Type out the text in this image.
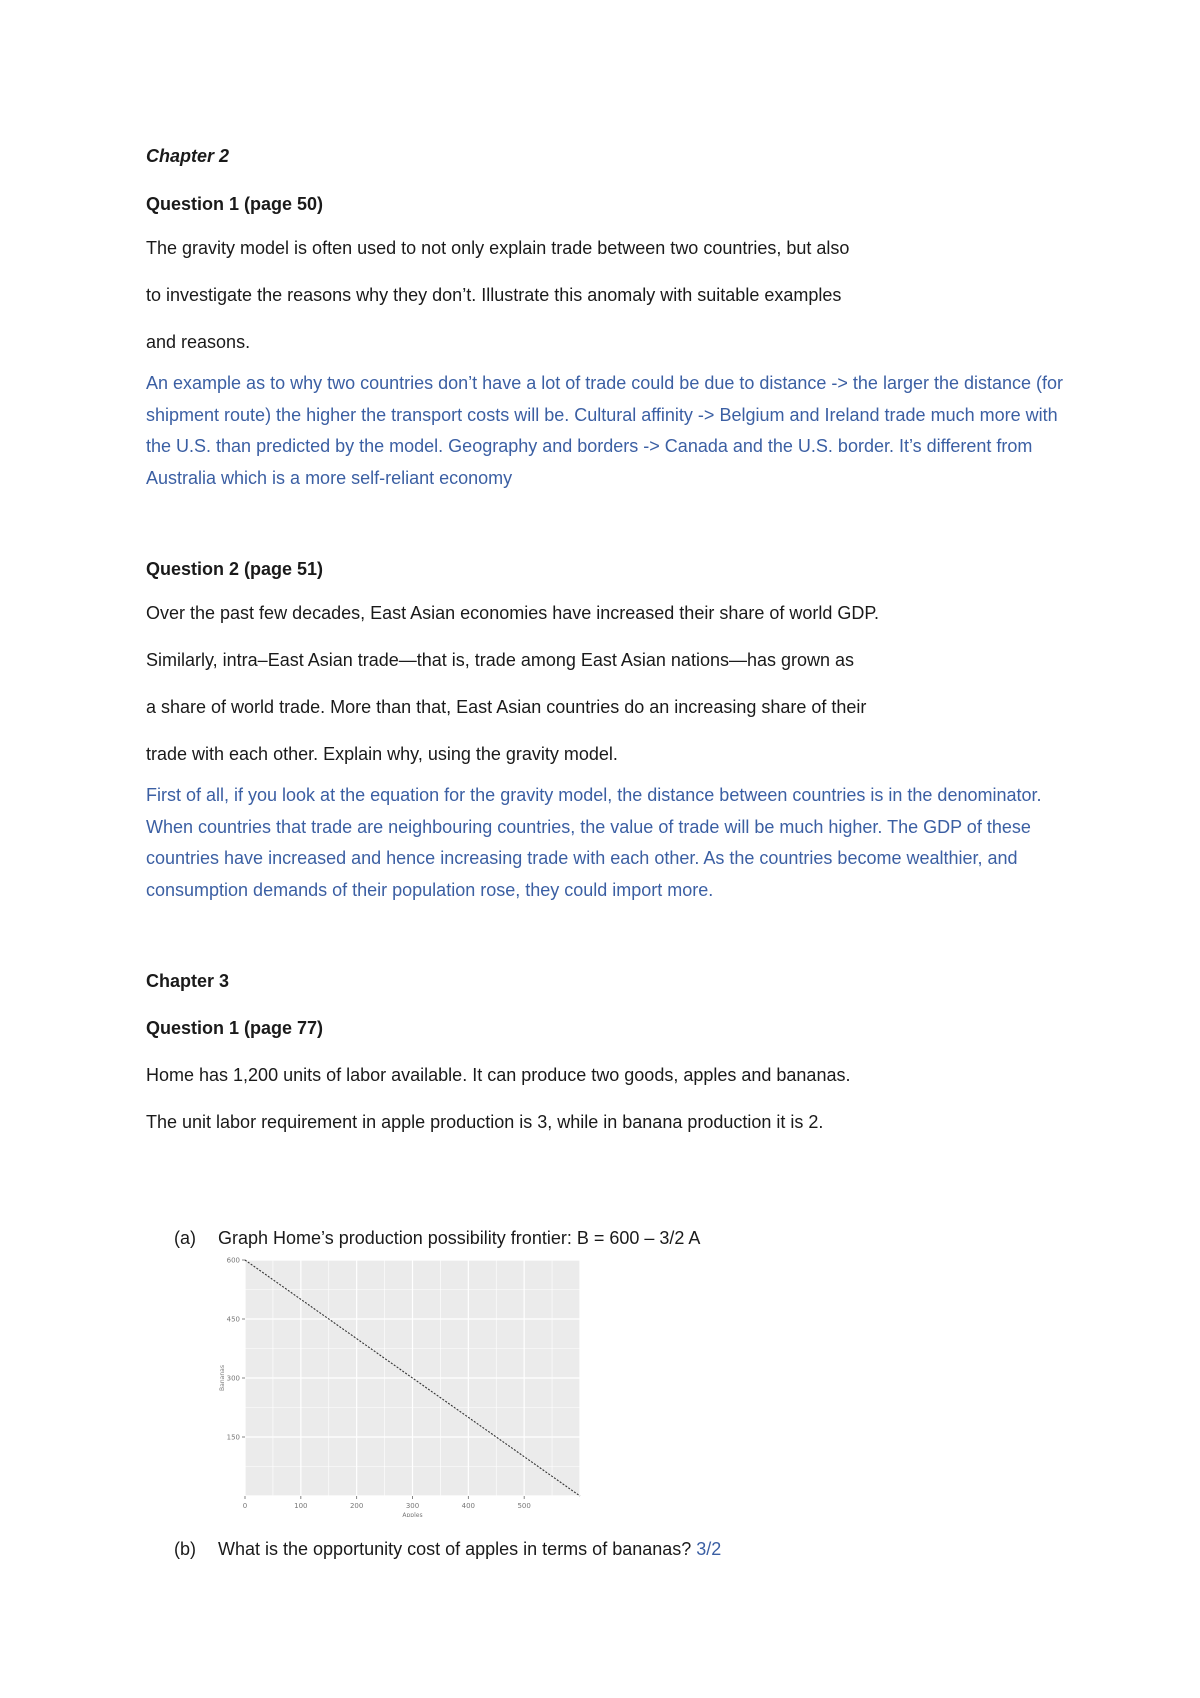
Chapter 2
Question 1 (page 50)
The gravity model is often used to not only explain trade between two countries, but also
to investigate the reasons why they don’t. Illustrate this anomaly with suitable examples
and reasons.
An example as to why two countries don’t have a lot of trade could be due to distance -> the larger the distance (for shipment route) the higher the transport costs will be. Cultural affinity -> Belgium and Ireland trade much more with the U.S. than predicted by the model. Geography and borders -> Canada and the U.S. border. It’s different from Australia which is a more self-reliant economy
Question 2 (page 51)
Over the past few decades, East Asian economies have increased their share of world GDP.
Similarly, intra–East Asian trade—that is, trade among East Asian nations—has grown as
a share of world trade. More than that, East Asian countries do an increasing share of their
trade with each other. Explain why, using the gravity model.
First of all, if you look at the equation for the gravity model, the distance between countries is in the denominator. When countries that trade are neighbouring countries, the value of trade will be much higher. The GDP of these countries have increased and hence increasing trade with each other. As the countries become wealthier, and consumption demands of their population rose, they could import more.
Chapter 3
Question 1 (page 77)
Home has 1,200 units of labor available. It can produce two goods, apples and bananas.
The unit labor requirement in apple production is 3, while in banana production it is 2.
(a) Graph Home’s production possibility frontier: B = 600 – 3/2 A
600
450
300
150
0	100	200	300	400	500
Apples
Bananas
(b) What is the opportunity cost of apples in terms of bananas? 3/2
